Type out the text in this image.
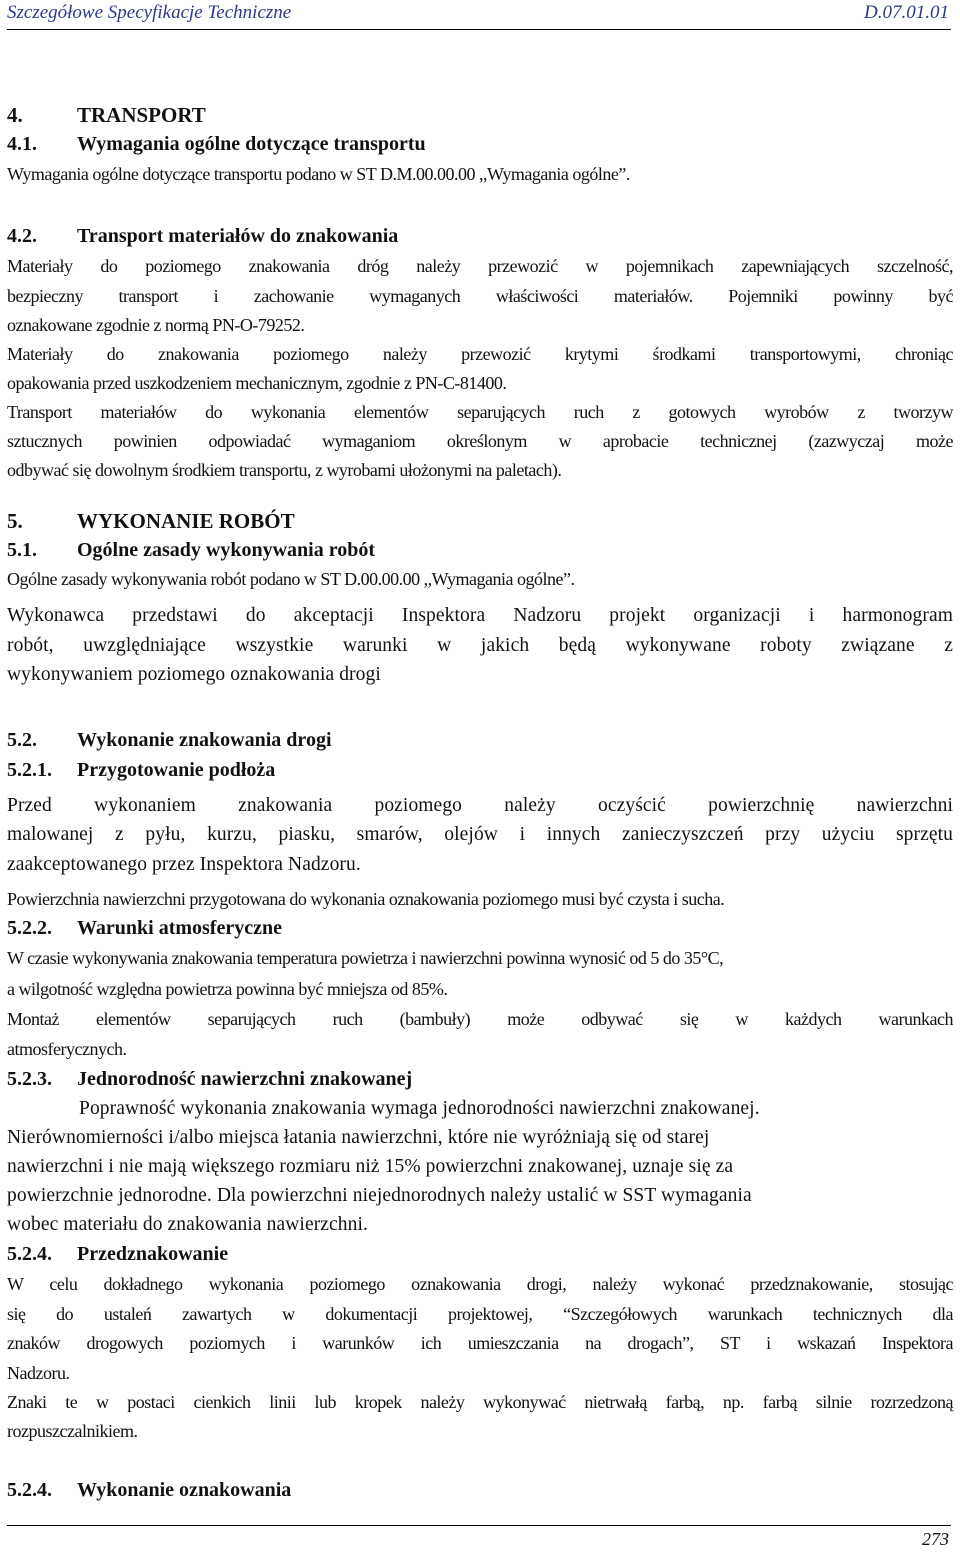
Szczegółowe Specyfikacje Techniczne	D.07.01.01
4.	TRANSPORT
4.1. Wymagania ogólne dotyczące transportu

Wymagania ogólne dotyczące transportu podano w ST D.M.00.00.00 ,,Wymagania ogólne”.

4.2. Transport materiałów do znakowania

Materiały do poziomego znakowania dróg należy przewozić w pojemnikach zapewniających szczelność,

bezpieczny transport i zachowanie wymaganych właściwości materiałów. Pojemniki powinny być

oznakowane zgodnie z normą PN-O-79252.

Materiały do znakowania poziomego należy przewozić krytymi środkami transportowymi, chroniąc

opakowania przed uszkodzeniem mechanicznym, zgodnie z PN-C-81400.

Transport materiałów do wykonania elementów separujących ruch z gotowych wyrobów z tworzyw

sztucznych powinien odpowiadać wymaganiom określonym w aprobacie technicznej (zazwyczaj może

odbywać się dowolnym środkiem transportu, z wyrobami ułożonymi na paletach).

5.	WYKONANIE ROBÓT
5.1. Ogólne zasady wykonywania robót

Ogólne zasady wykonywania robót podano w ST D.00.00.00 ,,Wymagania ogólne”.

Wykonawca przedstawi do akceptacji Inspektora Nadzoru projekt organizacji i harmonogram

robót, uwzględniające wszystkie warunki w jakich będą wykonywane roboty związane z

wykonywaniem poziomego oznakowania drogi

5.2. Wykonanie znakowania drogi
5.2.1. Przygotowanie podłoża

Przed wykonaniem znakowania poziomego należy oczyścić powierzchnię nawierzchni

malowanej z pyłu, kurzu, piasku, smarów, olejów i innych zanieczyszczeń przy użyciu sprzętu

zaakceptowanego przez Inspektora Nadzoru.

Powierzchnia nawierzchni przygotowana do wykonania oznakowania poziomego musi być czysta i sucha.

5.2.2. Warunki atmosferyczne

W czasie wykonywania znakowania temperatura powietrza i nawierzchni powinna wynosić od 5 do 35°C,

a wilgotność względna powietrza powinna być mniejsza od 85%.

Montaż elementów separujących ruch (bambuły) może odbywać się w każdych warunkach

atmosferycznych.

5.2.3. Jednorodność nawierzchni znakowanej

Poprawność wykonania znakowania wymaga jednorodności nawierzchni znakowanej.

Nierównomierności i/albo miejsca łatania nawierzchni, które nie wyróżniają się od starej

nawierzchni i nie mają większego rozmiaru niż 15% powierzchni znakowanej, uznaje się za

powierzchnie jednorodne. Dla powierzchni niejednorodnych należy ustalić w SST wymagania

wobec materiału do znakowania nawierzchni.

5.2.4. Przedznakowanie

W celu dokładnego wykonania poziomego oznakowania drogi, należy wykonać przedznakowanie, stosując

się do ustaleń zawartych w dokumentacji projektowej, “Szczegółowych warunkach technicznych dla

znaków drogowych poziomych i warunków ich umieszczania na drogach”, ST i wskazań Inspektora

Nadzoru.

Znaki te w postaci cienkich linii lub kropek należy wykonywać nietrwałą farbą, np. farbą silnie rozrzedzoną

rozpuszczalnikiem.

5.2.4. Wykonanie oznakowania
273
